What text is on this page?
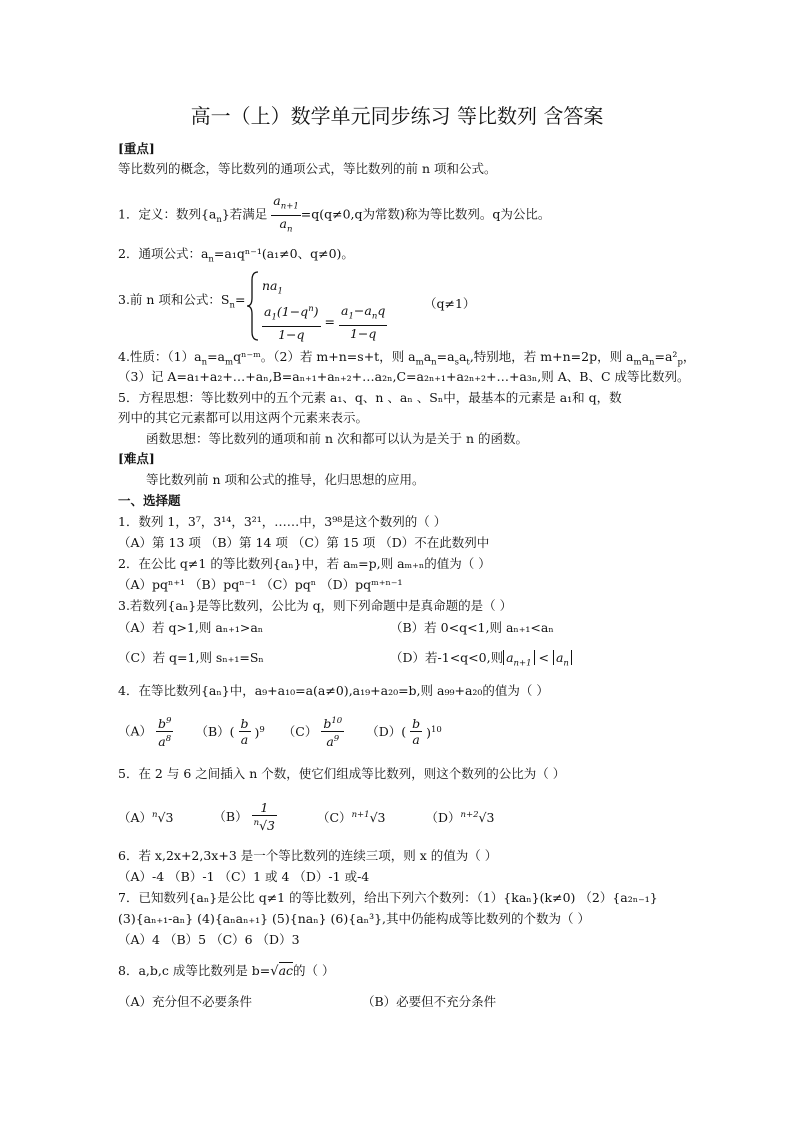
高一（上）数学单元同步练习 等比数列 含答案
[重点]
等比数列的概念，等比数列的通项公式，等比数列的前 n 项和公式。
1．定义：数列$\{a_n\}$若满足 $\frac{a_{n+1}}{a_n} =q(q\ne 0,q$为常数)称为等比数列。q为公比。
2．通项公式：$a_n=a_1q^{n-1}(a_1\ne 0$、q≠0)。
3.前 n 项和公式：$S_n=$
$na_1$
$\frac{a_1(1-q^n)}{1-q} = \frac{a_1-a_nq}{1-q}$	（q≠1）
4.性质：$(1)a_n=a_mq^{n-}ᵐ$。（2）若 m+n=s+t，则 $a_ma_n=a_sa_t$,特别地，若 m+n=2p，则 $a_ma_n=a^2_p$，
（3）记 A=a₁+a₂+…+aₙ,B=aₙ₊₁+aₙ₊₂+…a₂ₙ,C=a₂ₙ₊₁+a₂ₙ₊₂+…+a₃ₙ,则 A、B、C 成等比数列。
5．方程思想：等比数列中的五个元素 a₁、q、n 、aₙ 、Sₙ中，最基本的元素是 a₁和 q，数
列中的其它元素都可以用这两个元素来表示。
函数思想：等比数列的通项和前 n 次和都可以认为是关于 n 的函数。
[难点]
等比数列前 n 项和公式的推导，化归思想的应用。
一、选择题
1．数列 1，3⁷，3¹⁴，3²¹，……中，3⁹⁸是这个数列的（ ）
（A）第 13 项 （B）第 14 项 （C）第 15 项 （D）不在此数列中
2．在公比 q≠1 的等比数列{aₙ}中，若 aₘ=p,则 aₘ₊ₙ的值为（ ）
（A）pqⁿ⁺¹ （B）pqⁿ⁻¹ （C）pqⁿ （D）pqᵐ⁺ⁿ⁻¹
3.若数列{aₙ}是等比数列，公比为 q，则下列命题中是真命题的是（ ）
（A）若 q>1,则 aₙ₊₁>aₙ	（B）若 0<q<1,则 aₙ₊₁<aₙ
（C）若 q=1,则 sₙ₊₁=Sₙ	（D）若-1<q<0,则 $a_{n+1} < a_n$
4．在等比数列{aₙ}中，a₉+a₁₀=a(a≠0),a₁₉+a₂₀=b,则 a₉₉+a₂₀的值为（ ）
$(A) \frac{b^9}{a^8} (B)( \frac{b}{a} )^9$ $(C) \frac{b^{10}}{a^9} (D)( \frac{b}{a} )^{10}$
5．在 2 与 6 之间插入 n 个数，使它们组成等比数列，则这个数列的公比为（ ）
$(A)^n√3$	$(B) \frac{1}{^n√3}$	$(C)^{n+1}√3$	$(D)^{n+2}√3$
6．若 x,2x+2,3x+3 是一个等比数列的连续三项，则 x 的值为（ ）
（A）-4 （B）-1 （C）1 或 4 （D）-1 或-4
7．已知数列{aₙ}是公比 q≠1 的等比数列，给出下列六个数列：（1）{kaₙ}(k≠0) （2）{a₂ₙ₋₁}
(3){aₙ₊₁-aₙ} (4){aₙaₙ₊₁} (5){naₙ} (6){aₙ³},其中仍能构成等比数列的个数为（ ）
（A）4 （B）5 （C）6 （D）3
8．a,b,c 成等比数列是 b=√ac的（ ）
（A）充分但不必要条件	（B）必要但不充分条件
